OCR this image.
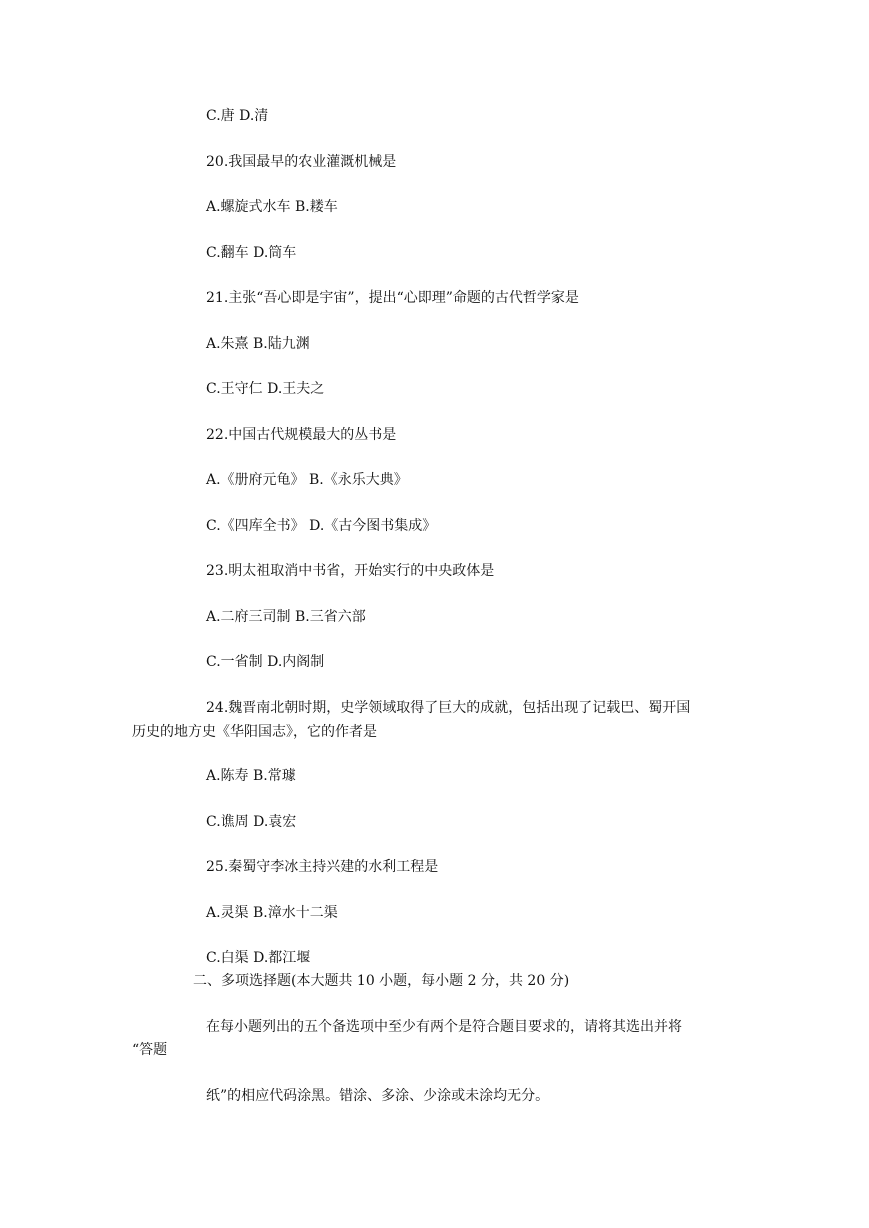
C.唐 D.清
20.我国最早的农业灌溉机械是
A.螺旋式水车 B.耧车
C.翻车 D.筒车
21.主张“吾心即是宇宙”，提出“心即理”命题的古代哲学家是
A.朱熹 B.陆九渊
C.王守仁 D.王夫之
22.中国古代规模最大的丛书是
A.《册府元龟》 B.《永乐大典》
C.《四库全书》 D.《古今图书集成》
23.明太祖取消中书省，开始实行的中央政体是
A.二府三司制 B.三省六部
C.一省制 D.内阁制
24.魏晋南北朝时期，史学领域取得了巨大的成就，包括出现了记载巴、蜀开国
历史的地方史《华阳国志》，它的作者是
A.陈寿 B.常璩
C.谯周 D.袁宏
25.秦蜀守李冰主持兴建的水利工程是
A.灵渠 B.漳水十二渠
C.白渠 D.都江堰
二、多项选择题(本大题共 10 小题，每小题 2 分，共 20 分)
在每小题列出的五个备选项中至少有两个是符合题目要求的，请将其选出并将
“答题
纸”的相应代码涂黑。错涂、多涂、少涂或未涂均无分。
